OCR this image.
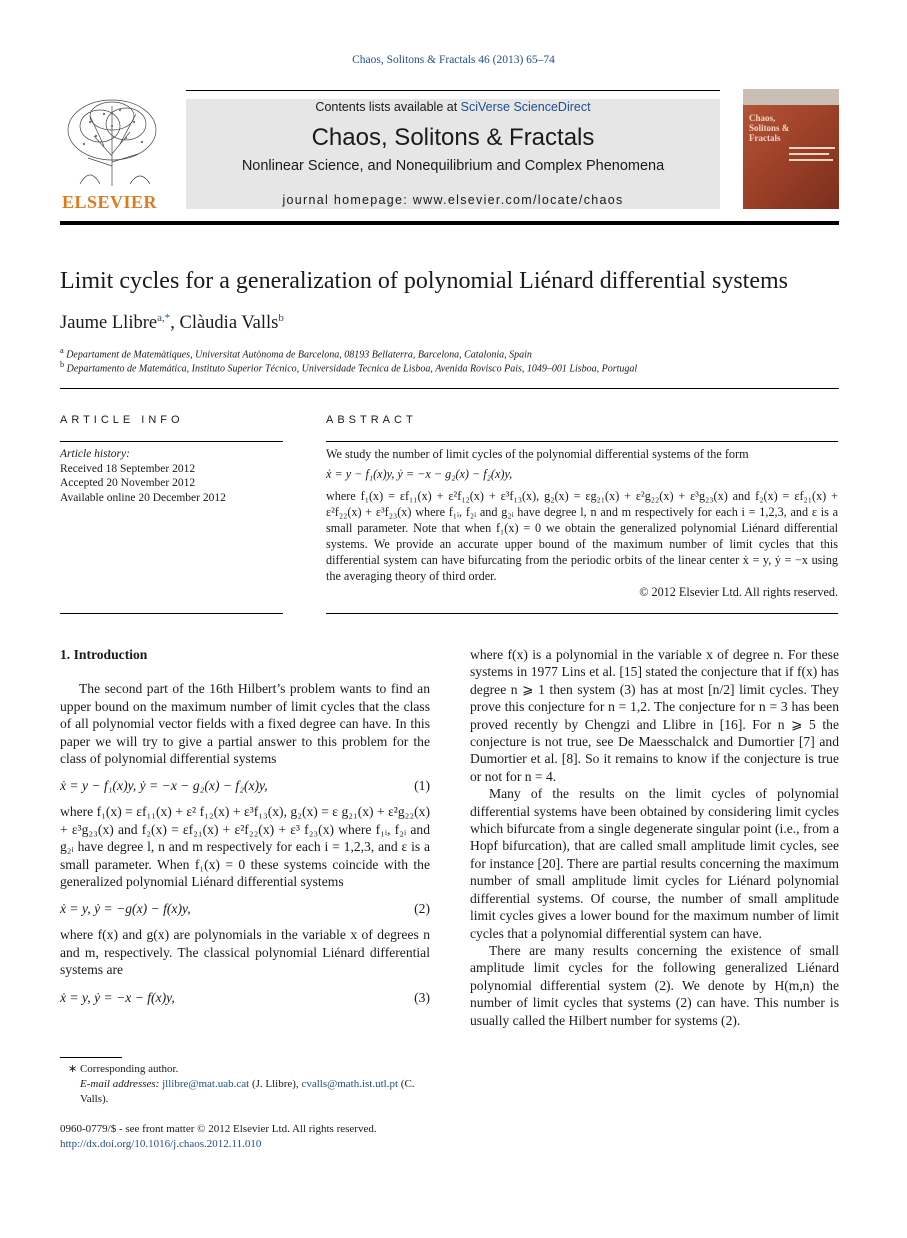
Chaos, Solitons & Fractals 46 (2013) 65–74
ELSEVIER
Contents lists available at SciVerse ScienceDirect
Chaos, Solitons & Fractals
Nonlinear Science, and Nonequilibrium and Complex Phenomena
journal homepage: www.elsevier.com/locate/chaos
Chaos, Solitons & Fractals
Limit cycles for a generalization of polynomial Liénard differential systems
Jaume Llibre$^{a,*}$, Clàudia Valls$^b$
$^a$ Departament de Matemàtiques, Universitat Autònoma de Barcelona, 08193 Bellaterra, Barcelona, Catalonia, Spain
$^b$ Departamento de Matemática, Instituto Superior Técnico, Universidade Tecnica de Lisboa, Avenida Rovisco Pais, 1049–001 Lisboa, Portugal
ARTICLE INFO
Article history:
Received 18 September 2012
Accepted 20 November 2012
Available online 20 December 2012
ABSTRACT

We study the number of limit cycles of the polynomial differential systems of the form

ẋ = y − f₁(x)y, ẏ = −x − g₂(x) − f₂(x)y,

where f₁(x) = εf₁₁(x) + ε²f₁₂(x) + ε³f₁₃(x), g₂(x) = εg₂₁(x) + ε²g₂₂(x) + ε³g₂₃(x) and f₂(x) = εf₂₁(x) + ε²f₂₂(x) + ε³f₂₃(x) where f₁ᵢ, f₂ᵢ and g₂ᵢ have degree l, n and m respectively for each i = 1,2,3, and ε is a small parameter. Note that when f₁(x) = 0 we obtain the generalized polynomial Liénard differential systems. We provide an accurate upper bound of the maximum number of limit cycles that this differential system can have bifurcating from the periodic orbits of the linear center ẋ = y, ẏ = −x using the averaging theory of third order.

© 2012 Elsevier Ltd. All rights reserved.

1. Introduction

The second part of the 16th Hilbert’s problem wants to find an upper bound on the maximum number of limit cycles that the class of all polynomial vector fields with a fixed degree can have. In this paper we will try to give a partial answer to this problem for the class of polynomial differential systems

ẋ = y − f₁(x)y, ẏ = −x − g₂(x) − f₂(x)y,	(1)

where f₁(x) = εf₁₁(x) + ε² f₁₂(x) + ε³f₁₃(x), g₂(x) = ε g₂₁(x) + ε²g₂₂(x) + ε³g₂₃(x) and f₂(x) = εf₂₁(x) + ε²f₂₂(x) + ε³ f₂₃(x) where f₁ᵢ, f₂ᵢ and g₂ᵢ have degree l, n and m respectively for each i = 1,2,3, and ε is a small parameter. When f₁(x) = 0 these systems coincide with the generalized polynomial Liénard differential systems

ẋ = y, ẏ = −g(x) − f(x)y,	(2)

where f(x) and g(x) are polynomials in the variable x of degrees n and m, respectively. The classical polynomial Liénard differential systems are

ẋ = y, ẏ = −x − f(x)y,	(3)

where f(x) is a polynomial in the variable x of degree n. For these systems in 1977 Lins et al. [15] stated the conjecture that if f(x) has degree n ⩾ 1 then system (3) has at most [n/2] limit cycles. They prove this conjecture for n = 1,2. The conjecture for n = 3 has been proved recently by Chengzi and Llibre in [16]. For n ⩾ 5 the conjecture is not true, see De Maesschalck and Dumortier [7] and Dumortier et al. [8]. So it remains to know if the conjecture is true or not for n = 4.

Many of the results on the limit cycles of polynomial differential systems have been obtained by considering limit cycles which bifurcate from a single degenerate singular point (i.e., from a Hopf bifurcation), that are called small amplitude limit cycles, see for instance [20]. There are partial results concerning the maximum number of small amplitude limit cycles for Liénard polynomial differential systems. Of course, the number of small amplitude limit cycles gives a lower bound for the maximum number of limit cycles that a polynomial differential system can have.

There are many results concerning the existence of small amplitude limit cycles for the following generalized Liénard polynomial differential system (2). We denote by H(m,n) the number of limit cycles that systems (2) can have. This number is usually called the Hilbert number for systems (2).

∗ Corresponding author.
E-mail addresses: jllibre@mat.uab.cat (J. Llibre), cvalls@math.ist.utl.pt (C. Valls).
0960-0779/$ - see front matter © 2012 Elsevier Ltd. All rights reserved.
http://dx.doi.org/10.1016/j.chaos.2012.11.010
